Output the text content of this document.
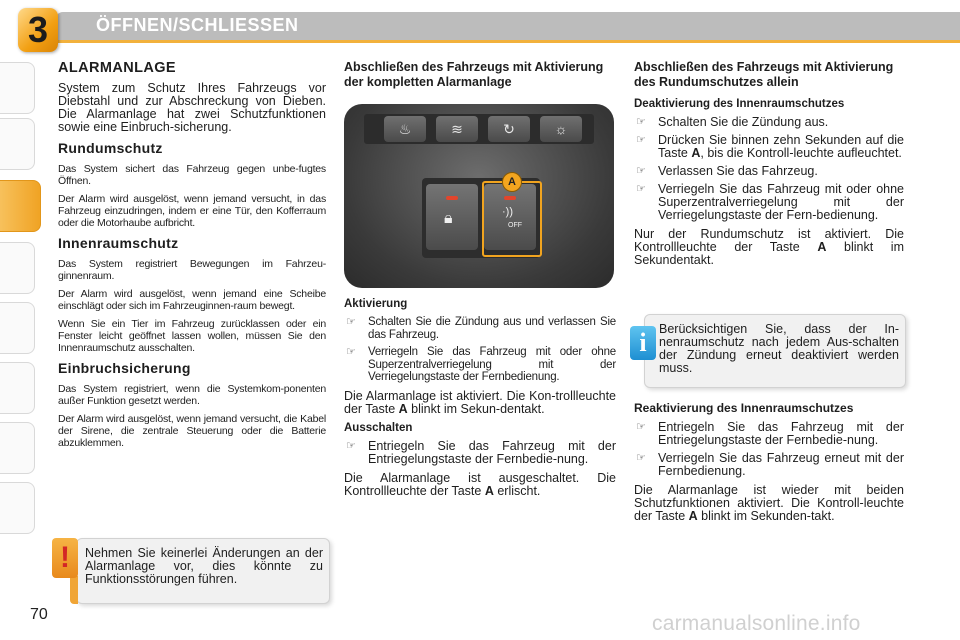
3	ÖFFNEN/SCHLIESSEN
ALARMANLAGE

System zum Schutz Ihres Fahrzeugs vor Diebstahl und zur Abschreckung von Dieben. Die Alarmanlage hat zwei Schutzfunktionen sowie eine Einbruch-sicherung.

Rundumschutz

Das System sichert das Fahrzeug gegen unbe-fugtes Öffnen.

Der Alarm wird ausgelöst, wenn jemand versucht, in das Fahrzeug einzudringen, indem er eine Tür, den Kofferraum oder die Motorhaube aufbricht.

Innenraumschutz

Das System registriert Bewegungen im Fahrzeu-ginnenraum.

Der Alarm wird ausgelöst, wenn jemand eine Scheibe einschlägt oder sich im Fahrzeuginnen-raum bewegt.

Wenn Sie ein Tier im Fahrzeug zurücklassen oder ein Fenster leicht geöffnet lassen wollen, müssen Sie den Innenraumschutz ausschalten.

Einbruchsicherung

Das System registriert, wenn die Systemkom-ponenten außer Funktion gesetzt werden.

Der Alarm wird ausgelöst, wenn jemand versucht, die Kabel der Sirene, die zentrale Steuerung oder die Batterie abzuklemmen.

Nehmen Sie keinerlei Änderungen an der Alarmanlage vor, dies könnte zu Funktionsstörungen führen.
!
Abschließen des Fahrzeugs mit Aktivierung der kompletten Alarmanlage
♨	≋	↻	☼
🔒︎	·))
OFF
A
Aktivierung
☞ Schalten Sie die Zündung aus und verlassen Sie das Fahrzeug.
☞ Verriegeln Sie das Fahrzeug mit oder ohne Superzentralverriegelung mit der Verriegelungstaste der Fernbedienung.

Die Alarmanlage ist aktiviert. Die Kon-trollleuchte der Taste A blinkt im Sekun-dentakt.

Ausschalten
☞ Entriegeln Sie das Fahrzeug mit der Entriegelungstaste der Fernbedie-nung.

Die Alarmanlage ist ausgeschaltet. Die Kontrollleuchte der Taste A erlischt.

Abschließen des Fahrzeugs mit Aktivierung des Rundumschutzes allein
Deaktivierung des Innenraumschutzes
☞ Schalten Sie die Zündung aus.
☞ Drücken Sie binnen zehn Sekunden auf die Taste A, bis die Kontroll-leuchte aufleuchtet.
☞ Verlassen Sie das Fahrzeug.
☞ Verriegeln Sie das Fahrzeug mit oder ohne Superzentralverriegelung mit der Verriegelungstaste der Fern-bedienung.

Nur der Rundumschutz ist aktiviert. Die Kontrollleuchte der Taste A blinkt im Sekundentakt.

Reaktivierung des Innenraumschutzes
☞ Entriegeln Sie das Fahrzeug mit der Entriegelungstaste der Fernbedie-nung.
☞ Verriegeln Sie das Fahrzeug erneut mit der Fernbedienung.

Die Alarmanlage ist wieder mit beiden Schutzfunktionen aktiviert. Die Kontroll-leuchte der Taste A blinkt im Sekunden-takt.

Berücksichtigen Sie, dass der In-nenraumschutz nach jedem Aus-schalten der Zündung erneut deaktiviert werden muss.
i
70	carmanualsonline.info
